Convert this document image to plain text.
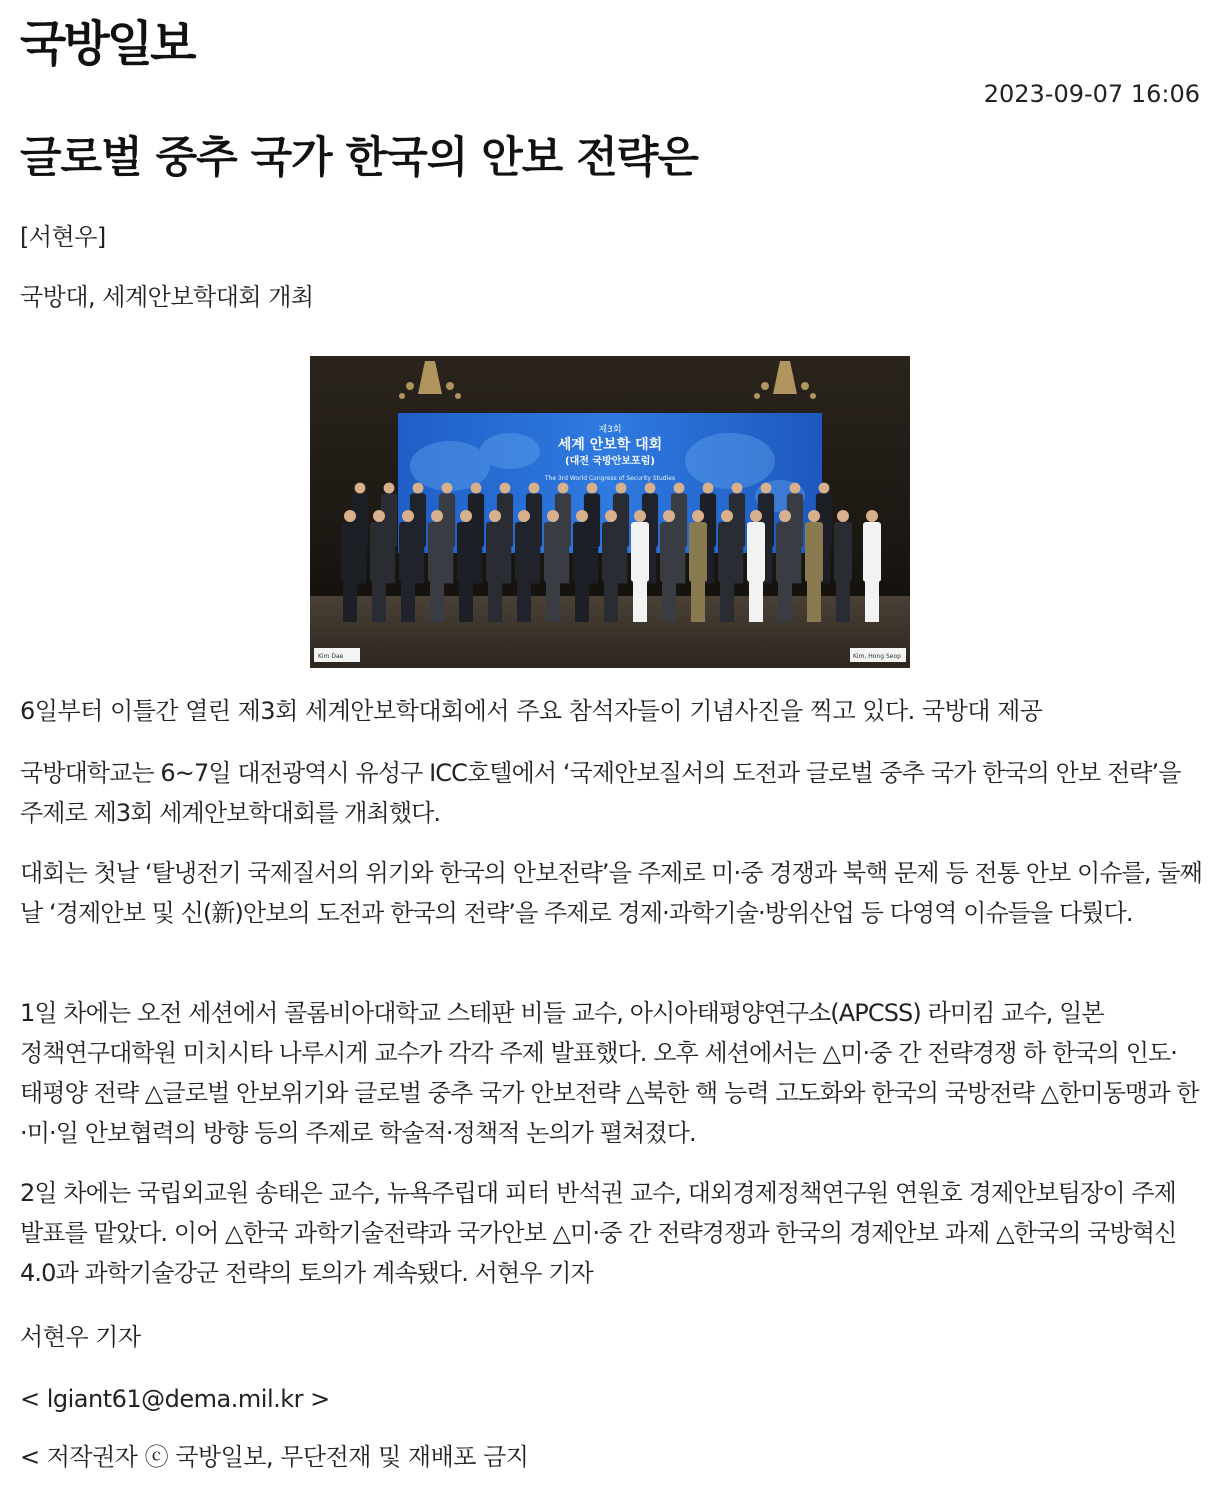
국방일보
2023-09-07 16:06
글로벌 중추 국가 한국의 안보 전략은
[서현우]
국방대, 세계안보학대회 개최
제3회
세계 안보학 대회
(대전 국방안보포럼)
The 3rd World Congress of Security Studies
Kim Dae	Kim, Hong Seop
6일부터 이틀간 열린 제3회 세계안보학대회에서 주요 참석자들이 기념사진을 찍고 있다. 국방대 제공

국방대학교는 6~7일 대전광역시 유성구 ICC호텔에서 ‘국제안보질서의 도전과 글로벌 중추 국가 한국의 안보 전략’을 주제로 제3회 세계안보학대회를 개최했다.

대회는 첫날 ‘탈냉전기 국제질서의 위기와 한국의 안보전략’을 주제로 미·중 경쟁과 북핵 문제 등 전통 안보 이슈를, 둘째 날 ‘경제안보 및 신(新)안보의 도전과 한국의 전략’을 주제로 경제·과학기술·방위산업 등 다영역 이슈들을 다뤘다.

1일 차에는 오전 세션에서 콜롬비아대학교 스테판 비들 교수, 아시아태평양연구소(APCSS) 라미킴 교수, 일본 정책연구대학원 미치시타 나루시게 교수가 각각 주제 발표했다. 오후 세션에서는 △미·중 간 전략경쟁 하 한국의 인도·태평양 전략 △글로벌 안보위기와 글로벌 중추 국가 안보전략 △북한 핵 능력 고도화와 한국의 국방전략 △한미동맹과 한·미·일 안보협력의 방향 등의 주제로 학술적·정책적 논의가 펼쳐졌다.

2일 차에는 국립외교원 송태은 교수, 뉴욕주립대 피터 반석권 교수, 대외경제정책연구원 연원호 경제안보팀장이 주제 발표를 맡았다. 이어 △한국 과학기술전략과 국가안보 △미·중 간 전략경쟁과 한국의 경제안보 과제 △한국의 국방혁신 4.0과 과학기술강군 전략의 토의가 계속됐다. 서현우 기자

서현우 기자
< lgiant61@dema.mil.kr >
< 저작권자 ⓒ 국방일보, 무단전재 및 재배포 금지
